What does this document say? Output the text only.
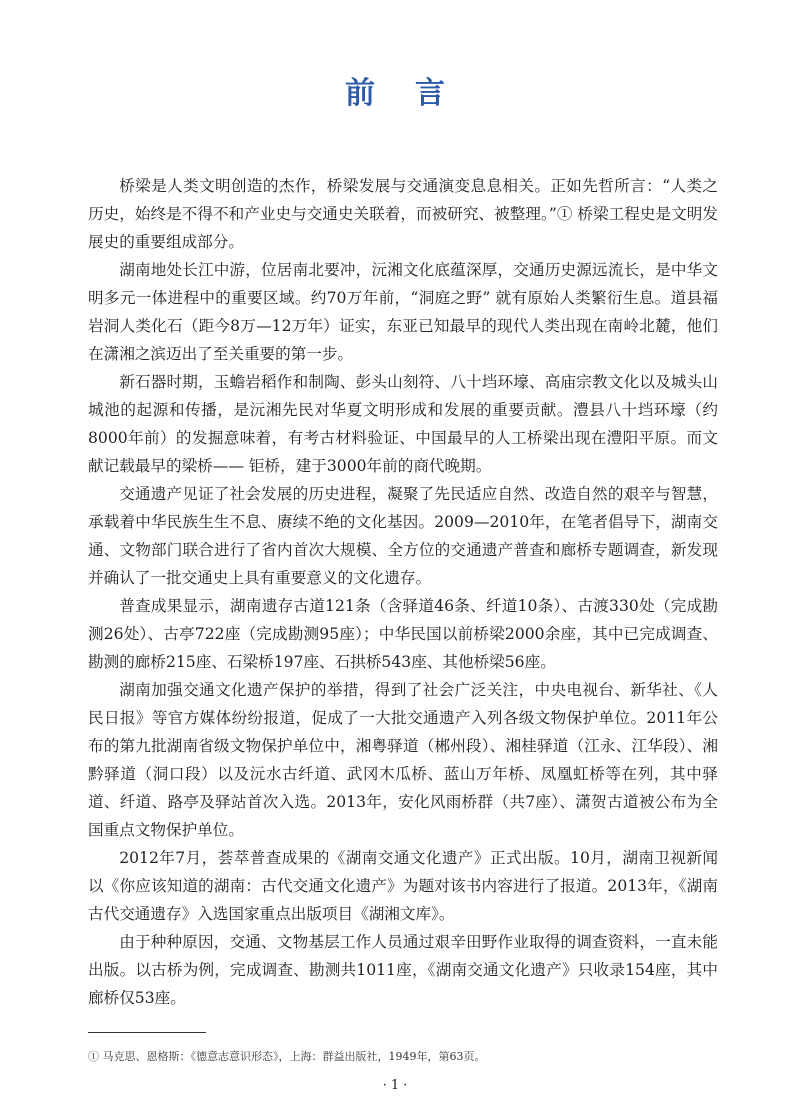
前言

桥梁是人类文明创造的杰作，桥梁发展与交通演变息息相关。正如先哲所言：“人类之历史，始终是不得不和产业史与交通史关联着，而被研究、被整理。”① 桥梁工程史是文明发展史的重要组成部分。

湖南地处长江中游，位居南北要冲，沅湘文化底蕴深厚，交通历史源远流长，是中华文明多元一体进程中的重要区域。约70万年前，“洞庭之野” 就有原始人类繁衍生息。道县福岩洞人类化石（距今8万—12万年）证实，东亚已知最早的现代人类出现在南岭北麓，他们在潇湘之滨迈出了至关重要的第一步。

新石器时期，玉蟾岩稻作和制陶、彭头山刻符、八十垱环壕、高庙宗教文化以及城头山城池的起源和传播，是沅湘先民对华夏文明形成和发展的重要贡献。澧县八十垱环壕（约8000年前）的发掘意味着，有考古材料验证、中国最早的人工桥梁出现在澧阳平原。而文献记载最早的梁桥—— 钜桥，建于3000年前的商代晚期。

交通遗产见证了社会发展的历史进程，凝聚了先民适应自然、改造自然的艰辛与智慧，承载着中华民族生生不息、赓续不绝的文化基因。2009—2010年，在笔者倡导下，湖南交通、文物部门联合进行了省内首次大规模、全方位的交通遗产普查和廊桥专题调查，新发现并确认了一批交通史上具有重要意义的文化遗存。

普查成果显示，湖南遗存古道121条（含驿道46条、纤道10条）、古渡330处（完成勘测26处）、古亭722座（完成勘测95座）；中华民国以前桥梁2000余座，其中已完成调查、勘测的廊桥215座、石梁桥197座、石拱桥543座、其他桥梁56座。

湖南加强交通文化遗产保护的举措，得到了社会广泛关注，中央电视台、新华社、《人民日报》等官方媒体纷纷报道，促成了一大批交通遗产入列各级文物保护单位。2011年公布的第九批湖南省级文物保护单位中，湘粤驿道（郴州段）、湘桂驿道（江永、江华段）、湘黔驿道（洞口段）以及沅水古纤道、武冈木瓜桥、蓝山万年桥、凤凰虹桥等在列，其中驿道、纤道、路亭及驿站首次入选。2013年，安化风雨桥群（共7座）、潇贺古道被公布为全国重点文物保护单位。

2012年7月，荟萃普查成果的《湖南交通文化遗产》正式出版。10月，湖南卫视新闻以《你应该知道的湖南：古代交通文化遗产》为题对该书内容进行了报道。2013年，《湖南古代交通遗存》入选国家重点出版项目《湖湘文库》。

由于种种原因，交通、文物基层工作人员通过艰辛田野作业取得的调查资料，一直未能出版。以古桥为例，完成调查、勘测共1011座，《湖南交通文化遗产》只收录154座，其中廊桥仅53座。

① 马克思、恩格斯：《德意志意识形态》，上海：群益出版社，1949年，第63页。
· 1 ·
